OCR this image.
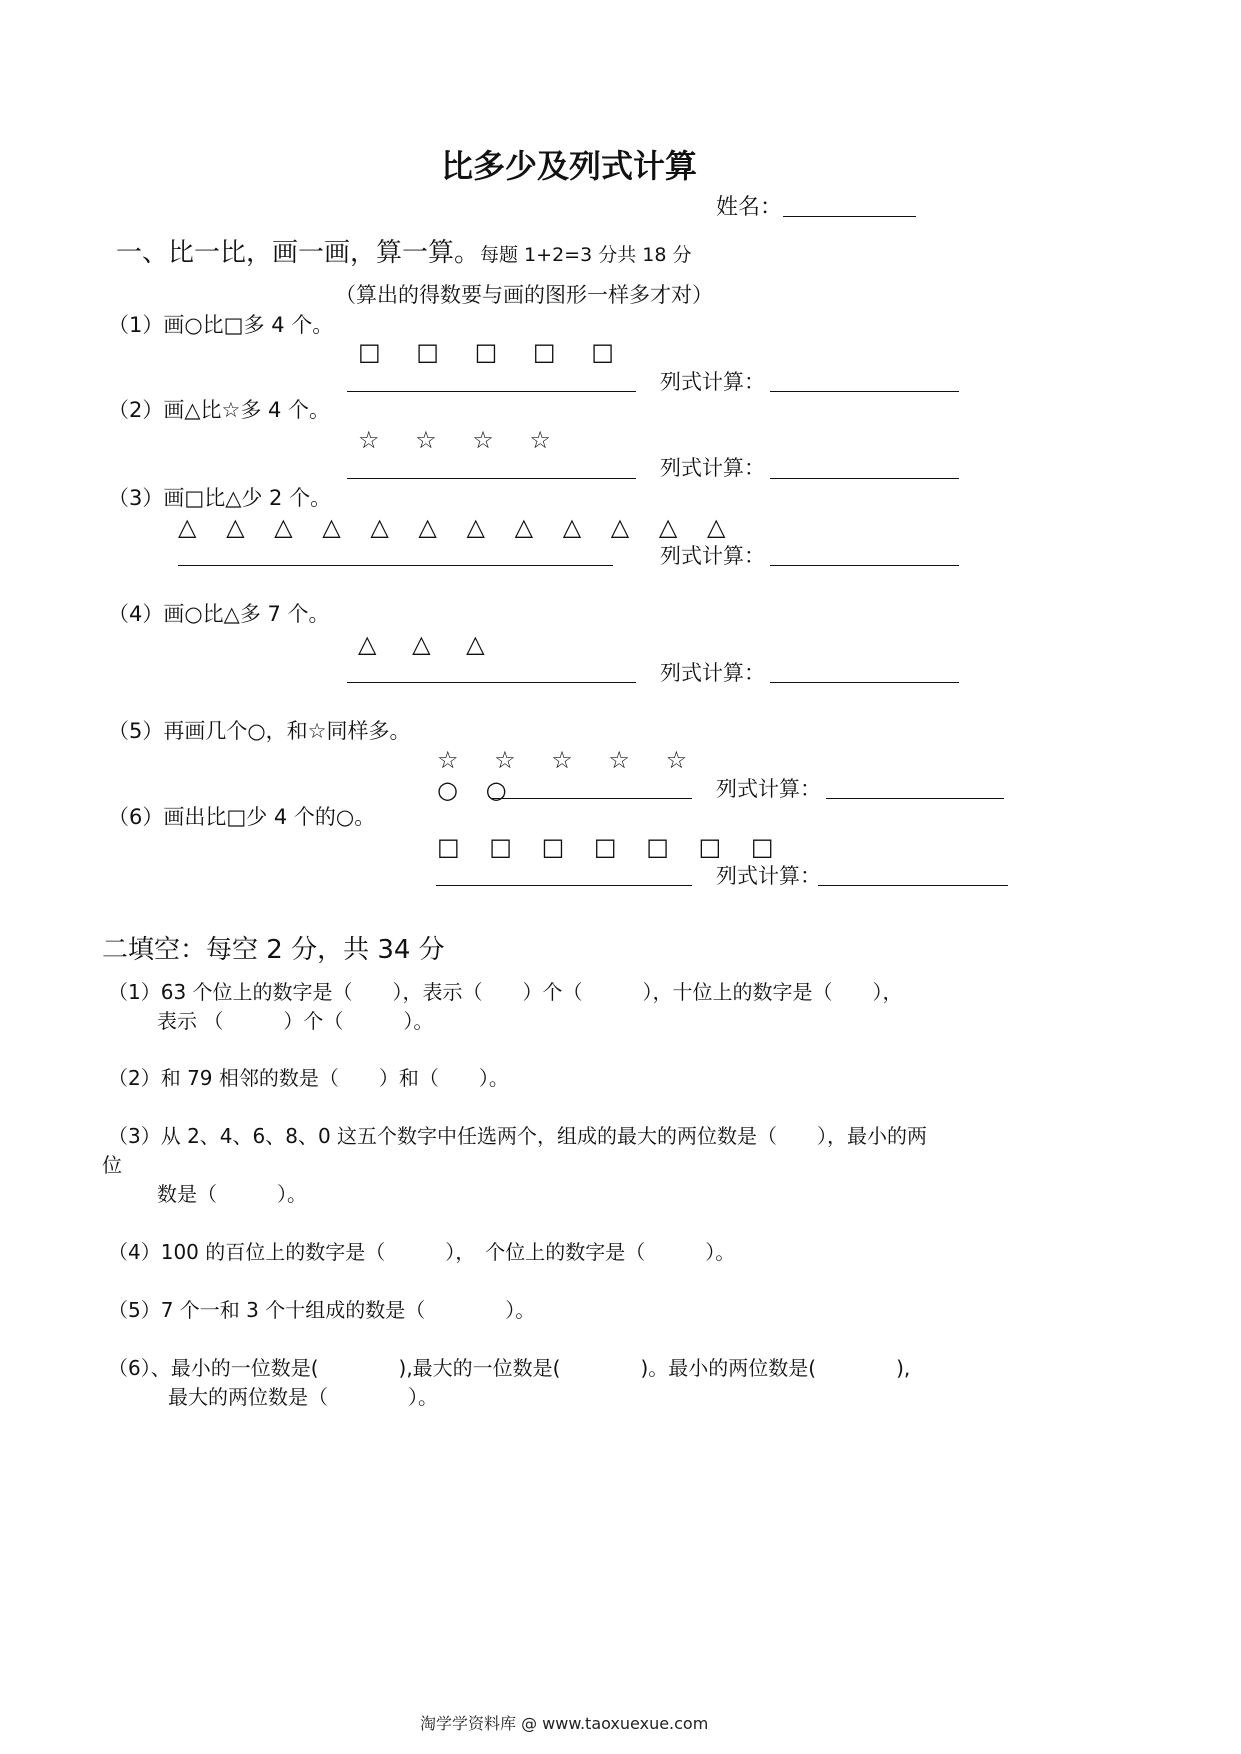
比多少及列式计算
姓名：
一、比一比，画一画，算一算。每题 1+2=3 分共 18 分
（算出的得数要与画的图形一样多才对）
（1）画○比□多 4 个。
□ □ □ □ □
列式计算：
（2）画△比☆多 4 个。
☆ ☆ ☆ ☆
列式计算：
（3）画□比△少 2 个。
△ △ △ △ △ △ △ △ △ △ △ △
列式计算：
（4）画○比△多 7 个。
△ △ △
列式计算：
（5）再画几个○，和☆同样多。
☆ ☆ ☆ ☆ ☆
○ ○	列式计算：
（6）画出比□少 4 个的○。
□ □ □ □ □ □ □
列式计算：
二填空：每空 2 分，共 34 分
（1）63 个位上的数字是（　　），表示（　　）个（　　　），十位上的数字是（　　），
表示 （　　　）个（　　　）。
（2）和 79 相邻的数是（　　）和（　　）。
（3）从 2、4、6、8、0 这五个数字中任选两个，组成的最大的两位数是（　　），最小的两
位
数是（　　　）。
（4）100 的百位上的数字是（　　　），　个位上的数字是（　　　）。
（5）7 个一和 3 个十组成的数是（　　　　）。
（6）、最小的一位数是(　　　　),最大的一位数是(　　　　)。最小的两位数是(　　　　),
最大的两位数是（　　　　）。
淘学学资料库 @ www.taoxuexue.com
